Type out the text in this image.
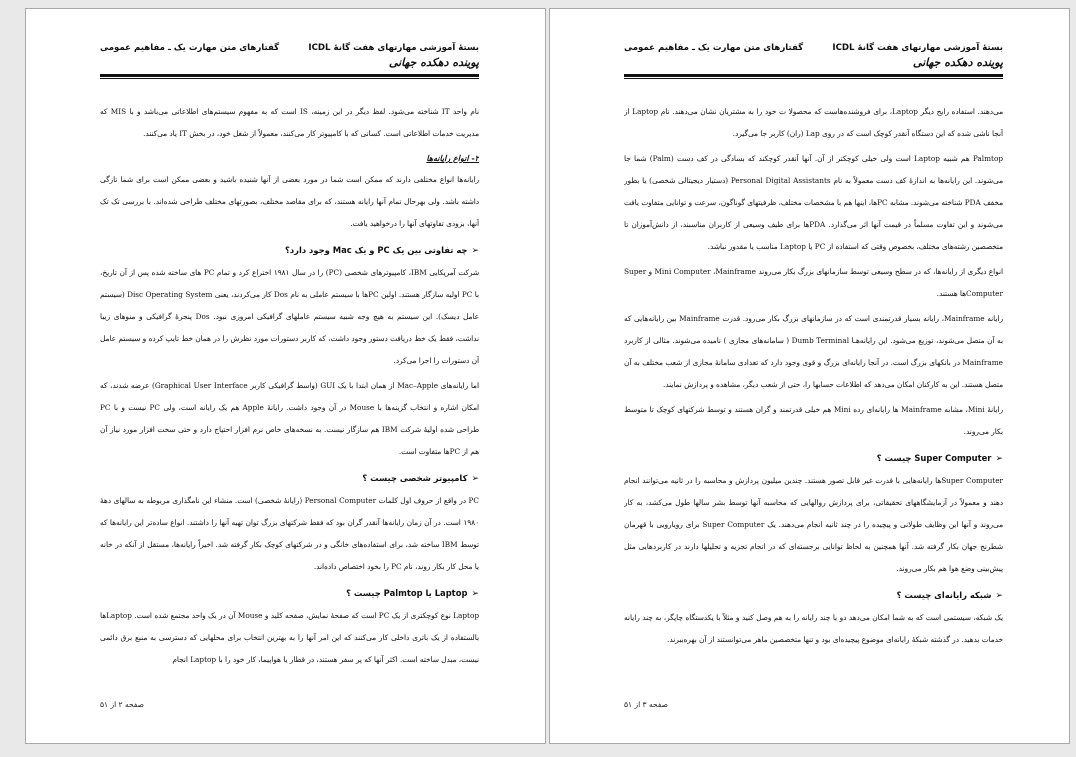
بستهٔ آموزشی مهارتهای هفت گانهٔ ICDL
گفتارهای متن مهارت یک ـ مفاهیم عمومی
پوینده دهکده جهانی

نام واحد IT شناخته می‌شود. لفظ دیگر در این زمینه، IS است که به مفهوم سیستم‌های اطلاعاتی می‌باشد و با MIS که مدیریت خدمات اطلاعاتی است. کسانی که با کامپیوتر کار می‌کنند، معمولاً از شغل خود، در بخش IT یاد می‌کنند.

۲- انواع رایانه‌ها

رایانه‌ها انواع مختلفی دارند که ممکن است شما در مورد بعضی از آنها شنیده باشید و بعضی ممکن است برای شما تازگی داشته باشد. ولی بهرحال تمام آنها رایانه هستند، که برای مقاصد مختلف، بصورتهای مختلف طراحی شده‌اند. با بررسی تک تک آنها، بزودی تفاوتهای آنها را درخواهید یافت.

➢چه تفاوتی بین یک PC و یک Mac وجود دارد؟

شرکت آمریکایی IBM، کامپیوترهای شخصی (PC) را در سال ۱۹۸۱ اختراع کرد و تمام PC های ساخته شده پس از آن تاریخ، با PC اولیه سازگار هستند. اولین PCها با سیستم عاملی به نام Dos کار می‌کردند، یعنی Disc Operating System (سیستم عامل دیسک). این سیستم به هیچ وجه شبیه سیستم عاملهای گرافیکی امروزی نبود. Dos پنجرهٔ گرافیکی و منوهای زیبا نداشت، فقط یک خط دریافت دستور وجود داشت، که کاربر دستورات مورد نظرش را در همان خط تایپ کرده و سیستم عامل آن دستورات را اجرا می‌کرد.

اما رایانه‌های Mac–Apple از همان ابتدا با یک GUI (واسط گرافیکی کاربر Graphical User Interface) عرضه شدند، که امکان اشاره و انتخاب گزینه‌ها با Mouse در آن وجود داشت. رایانهٔ Apple هم یک رایانه است، ولی PC نیست و با PC طراحی شده اولیهٔ شرکت IBM هم سازگار نیست. به نسخه‌های خاص نرم افزار احتیاج دارد و حتی سخت افزار مورد نیاز آن هم از PCها متفاوت است.

➢کامپیوتر شخصی چیست ؟

PC در واقع از حروف اول کلمات Personal Computer (رایانهٔ شخصی) است. منشاء این نامگذاری مربوطه به سالهای دههٔ ۱۹۸۰ است. در آن زمان رایانه‌ها آنقدر گران بود که فقط شرکتهای بزرگ توان تهیه آنها را داشتند. انواع ساده‌تر این رایانه‌ها که توسط IBM ساخته شد، برای استفاده‌های خانگی و در شرکتهای کوچک بکار گرفته شد. اخیراً رایانه‌ها، مستقل از آنکه در خانه یا محل کار بکار روند، نام PC را بخود اختصاص داده‌اند.

➢Laptop یا Palmtop چیست ؟

Laptop نوع کوچکتری از یک PC است که صفحهٔ نمایش، صفحه کلید و Mouse آن در یک واحد مجتمع شده است. Laptopها بالستفاده از یک باتری داخلی کار می‌کنند که این امر آنها را به بهترین انتخاب برای محلهایی که دسترسی به منبع برق دائمی نیست، مبدل ساخته است. اکثر آنها که پر سفر هستند، در قطار یا هواپیما، کار خود را با Laptop انجام

صفحه ۲ از ۵۱
بستهٔ آموزشی مهارتهای هفت گانهٔ ICDL
گفتارهای متن مهارت یک ـ مفاهیم عمومی
پوینده دهکده جهانی

می‌دهند. استفاده رایج دیگر Laptop، برای فروشنده‌هاست که محصولا ت خود را به مشتریان نشان می‌دهند. نام Laptop از آنجا ناشی شده که این دستگاه آنقدر کوچک است که در روی Lap (ران) کاربر جا می‌گیرد.

Palmtop هم شبیه Laptop است ولی خیلی کوچکتر از آن. آنها آنقدر کوچکند که بسادگی در کف دست (Palm) شما جا می‌شوند. این رایانه‌ها به اندازهٔ کف دست معمولاً به نام Personal Digital Assistants (دستیار دیجیتالی شخصی) یا بطور مخفف PDA شناخته می‌شوند. مشابه PCها، اینها هم با مشخصات مختلف، ظرفیتهای گوناگون، سرعت و توانایی متفاوت یافت می‌شوند و این تفاوت مسلماً در قیمت آنها اثر می‌گذارد. PDAها برای طیف وسیعی از کاربران مناسبند، از دانش‌آموزان تا متخصصین رشته‌های مختلف، بخصوص وقتی که استفاده از PC یا Laptop مناسب یا مقدور نباشد.

انواع دیگری از رایانه‌ها، که در سطح وسیعی توسط سازمانهای بزرگ بکار می‌روند Mini Computer ،Mainframe و Super Computerها هستند.

رایانه Mainframe، رایانه بسیار قدرتمندی است که در سازمانهای بزرگ بکار می‌رود. قدرت Mainframe بین رایانه‌هایی که به آن متصل می‌شوند، توزیع می‌شود. این رایانه‌هـا Dumb Terminal ( سامانه‌های مجازی ) نامیده می‌شوند. مثالی از کاربرد Mainframe در بانکهای بزرگ است. در آنجا رایانه‌ای بزرگ و قوی وجود دارد که تعدادی سامانهٔ مجازی از شعب مختلف به آن متصل هستند. این به کارکنان امکان می‌دهد که اطلاعات حسابها را، حتی از شعب دیگر، مشاهده و پردازش نمایند.

رایانهٔ Mini، مشابه Mainframe ها رایانه‌ای رده Mini هم خیلی قدرتمند و گران هستند و توسط شرکتهای کوچک تا متوسط بکار می‌روند.

➢Super Computer چیست ؟

Super Computerها رایانه‌هایی با قدرت غیر قابل تصور هستند. چندین میلیون پردازش و محاسبه را در ثانیه می‌توانند انجام دهند و معمولاً در آزمایشگاههای تحقیقاتی، برای پردازش روالهایی که محاسبه آنها توسط بشر سالها طول می‌کشد، به کار می‌روند و آنها این وظایف طولانی و پیچیده را در چند ثانیه انجام می‌دهند. یک Super Computer برای رویارویی با قهرمان شطرنج جهان بکار گرفته شد. آنها همچنین به لحاظ توانایی برجسته‌ای که در انجام تجزیه و تحلیلها دارند در کاربردهایی مثل پیش‌بینی وضع هوا هم بکار می‌روند.

➢شبکه رایانه‌ای چیست ؟

یک شبکه، سیستمی است که به شما امکان می‌دهد دو یا چند رایانه را به هم وصل کنید و مثلاً با یکدستگاه چاپگر، به چند رایانه خدمات بدهید. در گذشته شبکهٔ رایانه‌ای موضوع پیچیده‌ای بود و تنها متخصصین ماهر می‌توانستند از آن بهره‌ببرند.

صفحه ۳ از ۵۱
